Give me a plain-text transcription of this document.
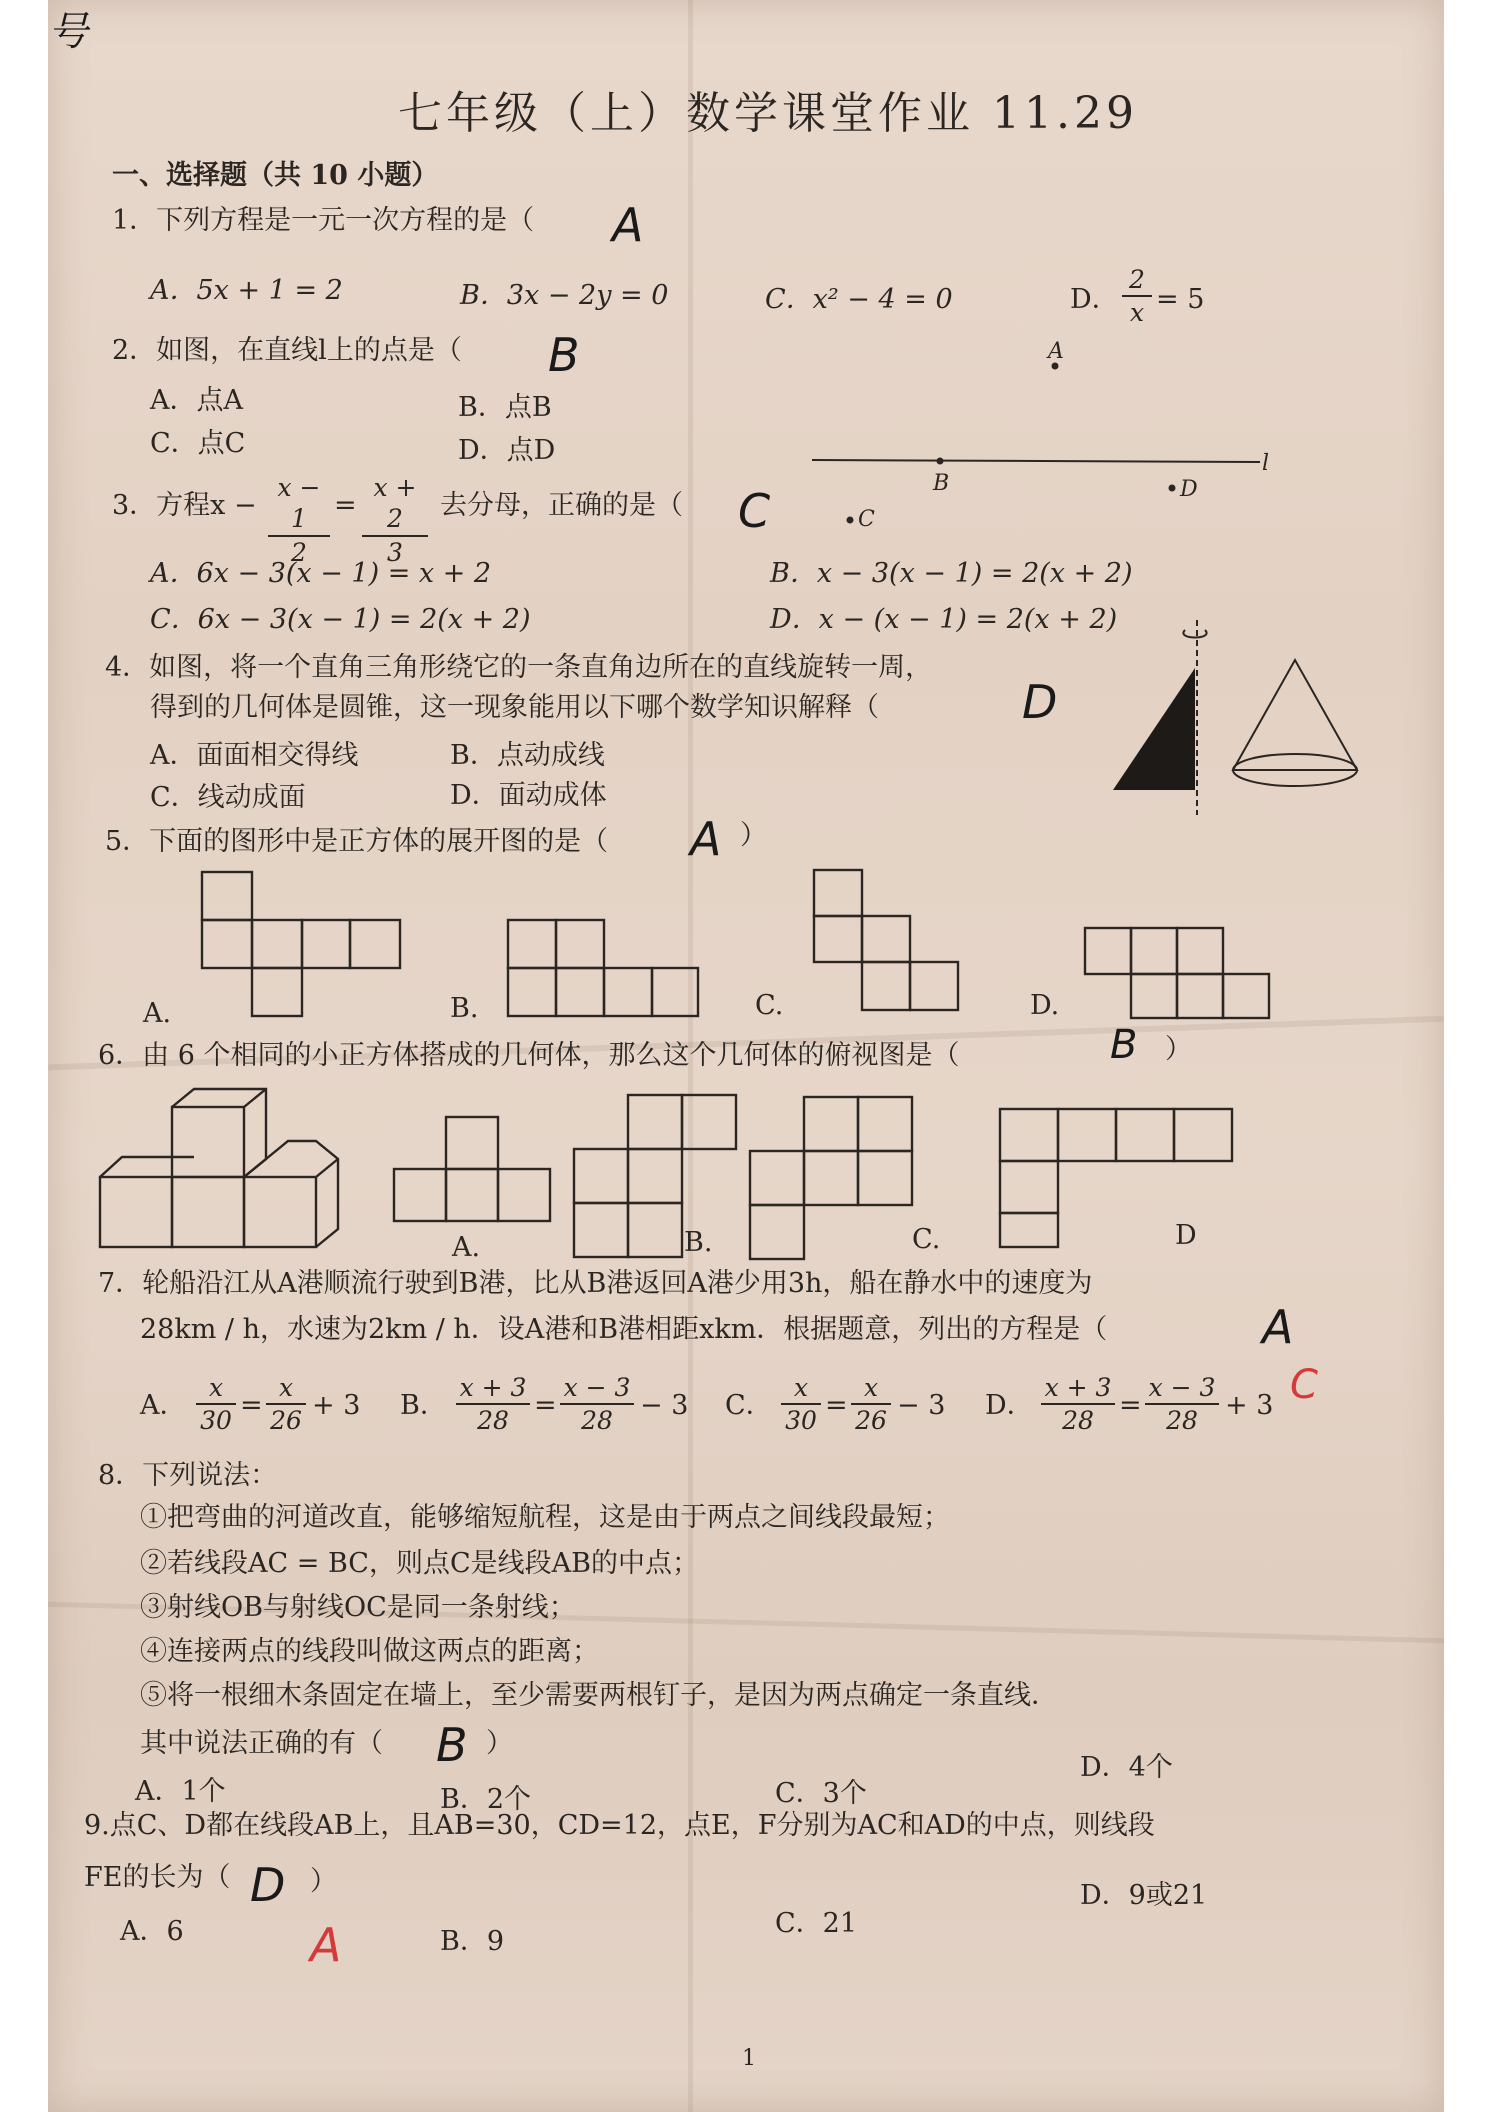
号
七年级（上）数学课堂作业 11.29
一、选择题（共 10 小题）
1．下列方程是一元一次方程的是（ A
A．5x + 1 = 2	B．3x − 2y = 0	C．x² − 4 = 0	D． $\frac{2}{x} = 5$
2．如图，在直线l上的点是（ B
A．点A	B．点B
C．点C	D．点D
A
B
C
D
l
3．方程$x - \frac{x - 1}{2} = \frac{x + 2}{3}$ 去分母，正确的是（ C
A．6x − 3(x − 1) = x + 2	B．x − 3(x − 1) = 2(x + 2)
C．6x − 3(x − 1) = 2(x + 2)	D．x − (x − 1) = 2(x + 2)
4．如图，将一个直角三角形绕它的一条直角边所在的直线旋转一周，
得到的几何体是圆锥，这一现象能用以下哪个数学知识解释（	D
A．面面相交得线	B．点动成线
C．线动成面	D．面动成体
5．下面的图形中是正方体的展开图的是（ A ）
A.	B.	C.	D.
6．由 6 个相同的小正方体搭成的几何体，那么这个几何体的俯视图是（	B ）
A.	B.	C.	D
7．轮船沿江从A港顺流行驶到B港，比从B港返回A港少用3h，船在静水中的速度为
28km / h，水速为2km / h．设A港和B港相距xkm．根据题意，列出的方程是（	A
C
A． $\frac{x}{30} = \frac{x}{26} + 3$ B． $\frac{x + 3}{28} = \frac{x - 3}{28} - 3$ C． $\frac{x}{30} = \frac{x}{26} - 3$ D． $\frac{x + 3}{28} = \frac{x - 3}{28} + 3$
8．下列说法：
①把弯曲的河道改直，能够缩短航程，这是由于两点之间线段最短；
②若线段AC = BC，则点C是线段AB的中点；
③射线OB与射线OC是同一条射线；
④连接两点的线段叫做这两点的距离；
⑤将一根细木条固定在墙上，至少需要两根钉子，是因为两点确定一条直线．
其中说法正确的有（ B ）
A．1个	B．2个	C．3个
D．4个
9.点C、D都在线段AB上，且AB=30，CD=12，点E，F分别为AC和AD的中点，则线段
FE的长为（ D
A
）
A．6	B．9
C．21
D．9或21
1
